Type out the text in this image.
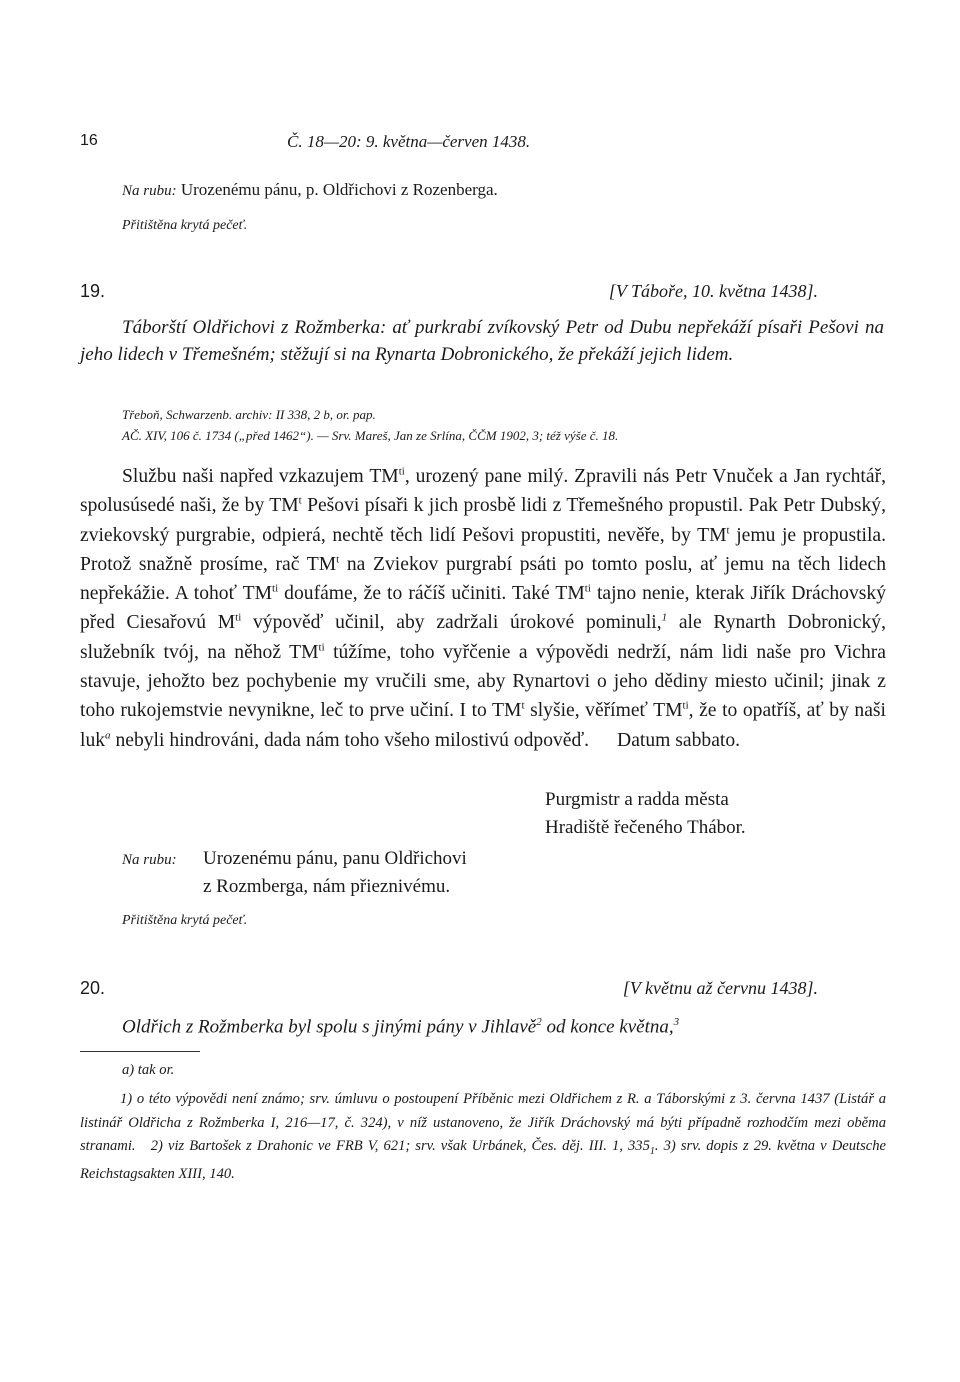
16	Č. 18—20: 9. května—červen 1438.
Na rubu: Urozenému pánu, p. Oldřichovi z Rozenberga.
Přitištěna krytá pečeť.
19.	[V Táboře, 10. května 1438].

Táborští Oldřichovi z Rožmberka: ať purkrabí zvíkovský Petr od Dubu nepřekáží písaři Pešovi na jeho lidech v Třemešném; stěžují si na Rynarta Dobronického, že překáží jejich lidem.

Třeboň, Schwarzenb. archiv: II 338, 2 b, or. pap.
AČ. XIV, 106 č. 1734 („před 1462“). — Srv. Mareš, Jan ze Srlína, ČČM 1902, 3; též výše č. 18.

Službu naši napřed vzkazujem $TM^{ti}$, urozený pane milý. Zpravili nás Petr Vnuček a Jan rychtář, spolusúsedé naši, že by $TM^t$ Pešovi písaři k jich prosbě lidi z Třemešného propustil. Pak Petr Dubský, zviekovský purgrabie, odpierá, nechtě těch lidí Pešovi propustiti, nevěře, by $TM^t$ jemu je propustila. Protož snažně prosíme, rač $TM^t$ na Zviekov purgrabí psáti po tomto poslu, ať jemu na těch lidech nepřekážie. A tohoť $TM^{ti}$ doufáme, že to ráčíš učiniti. Také $TM^{ti}$ tajno nenie, kterak Jiřík Dráchovský před Ciesařovú $M^{ti}$ výpověď učinil, aby zadržali úrokové pominuli,$^1$ ale Rynarth Dobronický, služebník tvój, na něhož $TM^{ti}$ túžíme, toho vyřčenie a výpovědi nedrží, nám lidi naše pro Vichra stavuje, jehožto bez pochybenie my vručili sme, aby Rynartovi o jeho dědiny miesto učinil; jinak z toho rukojemstvie nevynikne, leč to prve učiní. I to $TM^t$ slyšie, věřímeť $TM^{ti}$, že to opatříš, ať by naši luk$^a$ nebyli hindrováni, dada nám toho všeho milostivú odpověď. Datum sabbato.

Purgmistr a radda města
Hradiště řečeného Thábor.
Na rubu: Urozenému pánu, panu Oldřichovi
z Rozmberga, nám přieznivému.
Přitištěna krytá pečeť.
20.	[V květnu až červnu 1438].
Oldřich z Rožmberka byl spolu s jinými pány v Jihlavě$^2$ od konce května,$^3$
a) tak or.

1) o této výpovědi není známo; srv. úmluvu o postoupení Příběnic mezi Oldřichem z R. a Táborskými z 3. června 1437 (Listář a listinář Oldřicha z Rožmberka I, 216—17, č. 324), v níž ustanoveno, že Jiřík Dráchovský má býti případně rozhodčím mezi oběma stranami. 2) viz Bartošek z Drahonic ve FRB V, 621; srv. však Urbánek, Čes. děj. III. 1, $335_1$. 3) srv. dopis z 29. května v Deutsche Reichstagsakten XIII, 140.
